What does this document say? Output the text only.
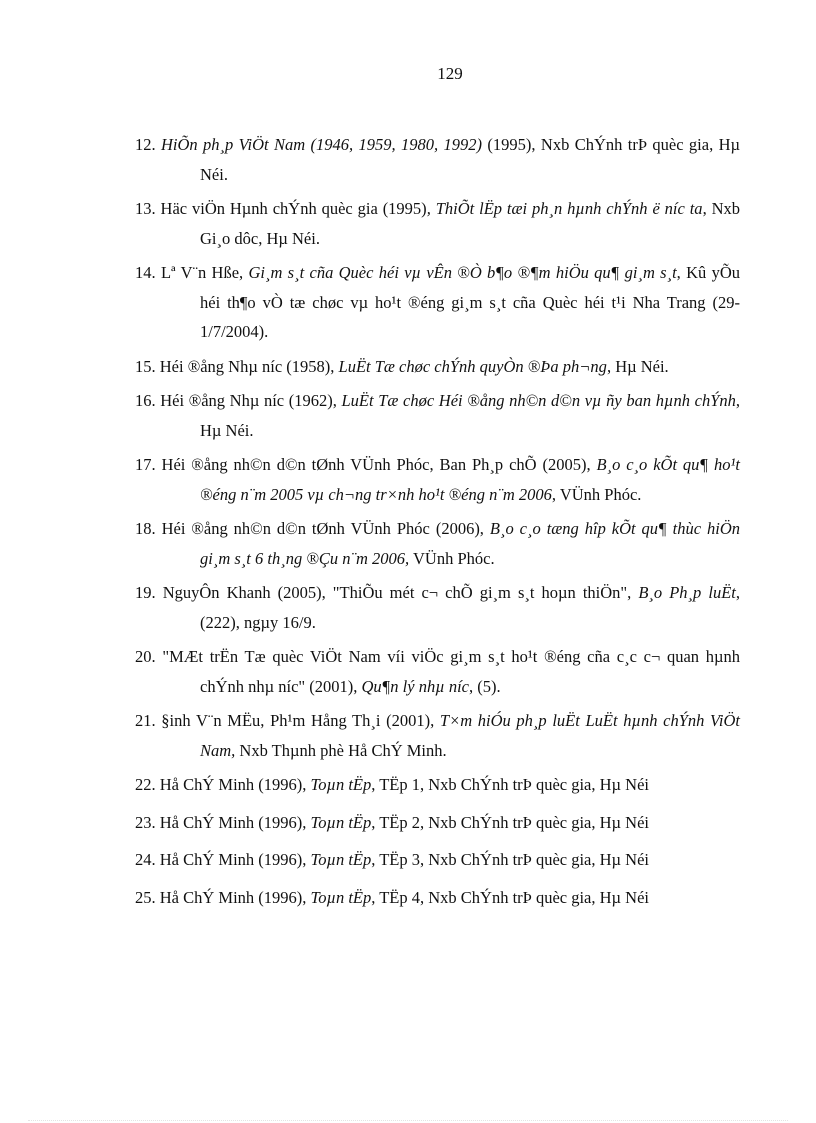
129
12. HiÕn ph¸p ViÖt Nam (1946, 1959, 1980, 1992) (1995), Nxb ChÝnh trÞ quèc gia, Hµ Néi.
13. Häc viÖn Hµnh chÝnh quèc gia (1995), ThiÕt lËp tæi ph¸n hµnh chÝnh ë níc ta, Nxb Gi¸o dôc, Hµ Néi.
14. Lª V¨n Hße, Gi¸m s¸t cña Quèc héi vµ vÊn ®Ò b¶o ®¶m hiÖu qu¶ gi¸m s¸t, Kû yÕu héi th¶o vÒ tæ chøc vµ ho¹t ®éng gi¸m s¸t cña Quèc héi t¹i Nha Trang (29-1/7/2004).
15. Héi ®ång Nhµ níc (1958), LuËt Tæ chøc chÝnh quyÒn ®Þa ph¬ng, Hµ Néi.
16. Héi ®ång Nhµ níc (1962), LuËt Tæ chøc Héi ®ång nh©n d©n vµ ñy ban hµnh chÝnh, Hµ Néi.
17. Héi ®ång nh©n d©n tØnh VÜnh Phóc, Ban Ph¸p chÕ (2005), B¸o c¸o kÕt qu¶ ho¹t ®éng n¨m 2005 vµ ch¬ng tr×nh ho¹t ®éng n¨m 2006, VÜnh Phóc.
18. Héi ®ång nh©n d©n tØnh VÜnh Phóc (2006), B¸o c¸o tæng hîp kÕt qu¶ thùc hiÖn gi¸m s¸t 6 th¸ng ®Çu n¨m 2006, VÜnh Phóc.
19. NguyÔn Khanh (2005), "ThiÕu mét c¬ chÕ gi¸m s¸t hoµn thiÖn", B¸o Ph¸p luËt, (222), ngµy 16/9.
20. "MÆt trËn Tæ quèc ViÖt Nam víi viÖc gi¸m s¸t ho¹t ®éng cña c¸c c¬ quan hµnh chÝnh nhµ níc" (2001), Qu¶n lý nhµ níc, (5).
21. §inh V¨n MËu, Ph¹m Hång Th¸i (2001), T×m hiÓu ph¸p luËt LuËt hµnh chÝnh ViÖt Nam, Nxb Thµnh phè Hå ChÝ Minh.
22. Hå ChÝ Minh (1996), Toµn tËp, TËp 1, Nxb ChÝnh trÞ quèc gia, Hµ Néi
23. Hå ChÝ Minh (1996), Toµn tËp, TËp 2, Nxb ChÝnh trÞ quèc gia, Hµ Néi
24. Hå ChÝ Minh (1996), Toµn tËp, TËp 3, Nxb ChÝnh trÞ quèc gia, Hµ Néi
25. Hå ChÝ Minh (1996), Toµn tËp, TËp 4, Nxb ChÝnh trÞ quèc gia, Hµ Néi
